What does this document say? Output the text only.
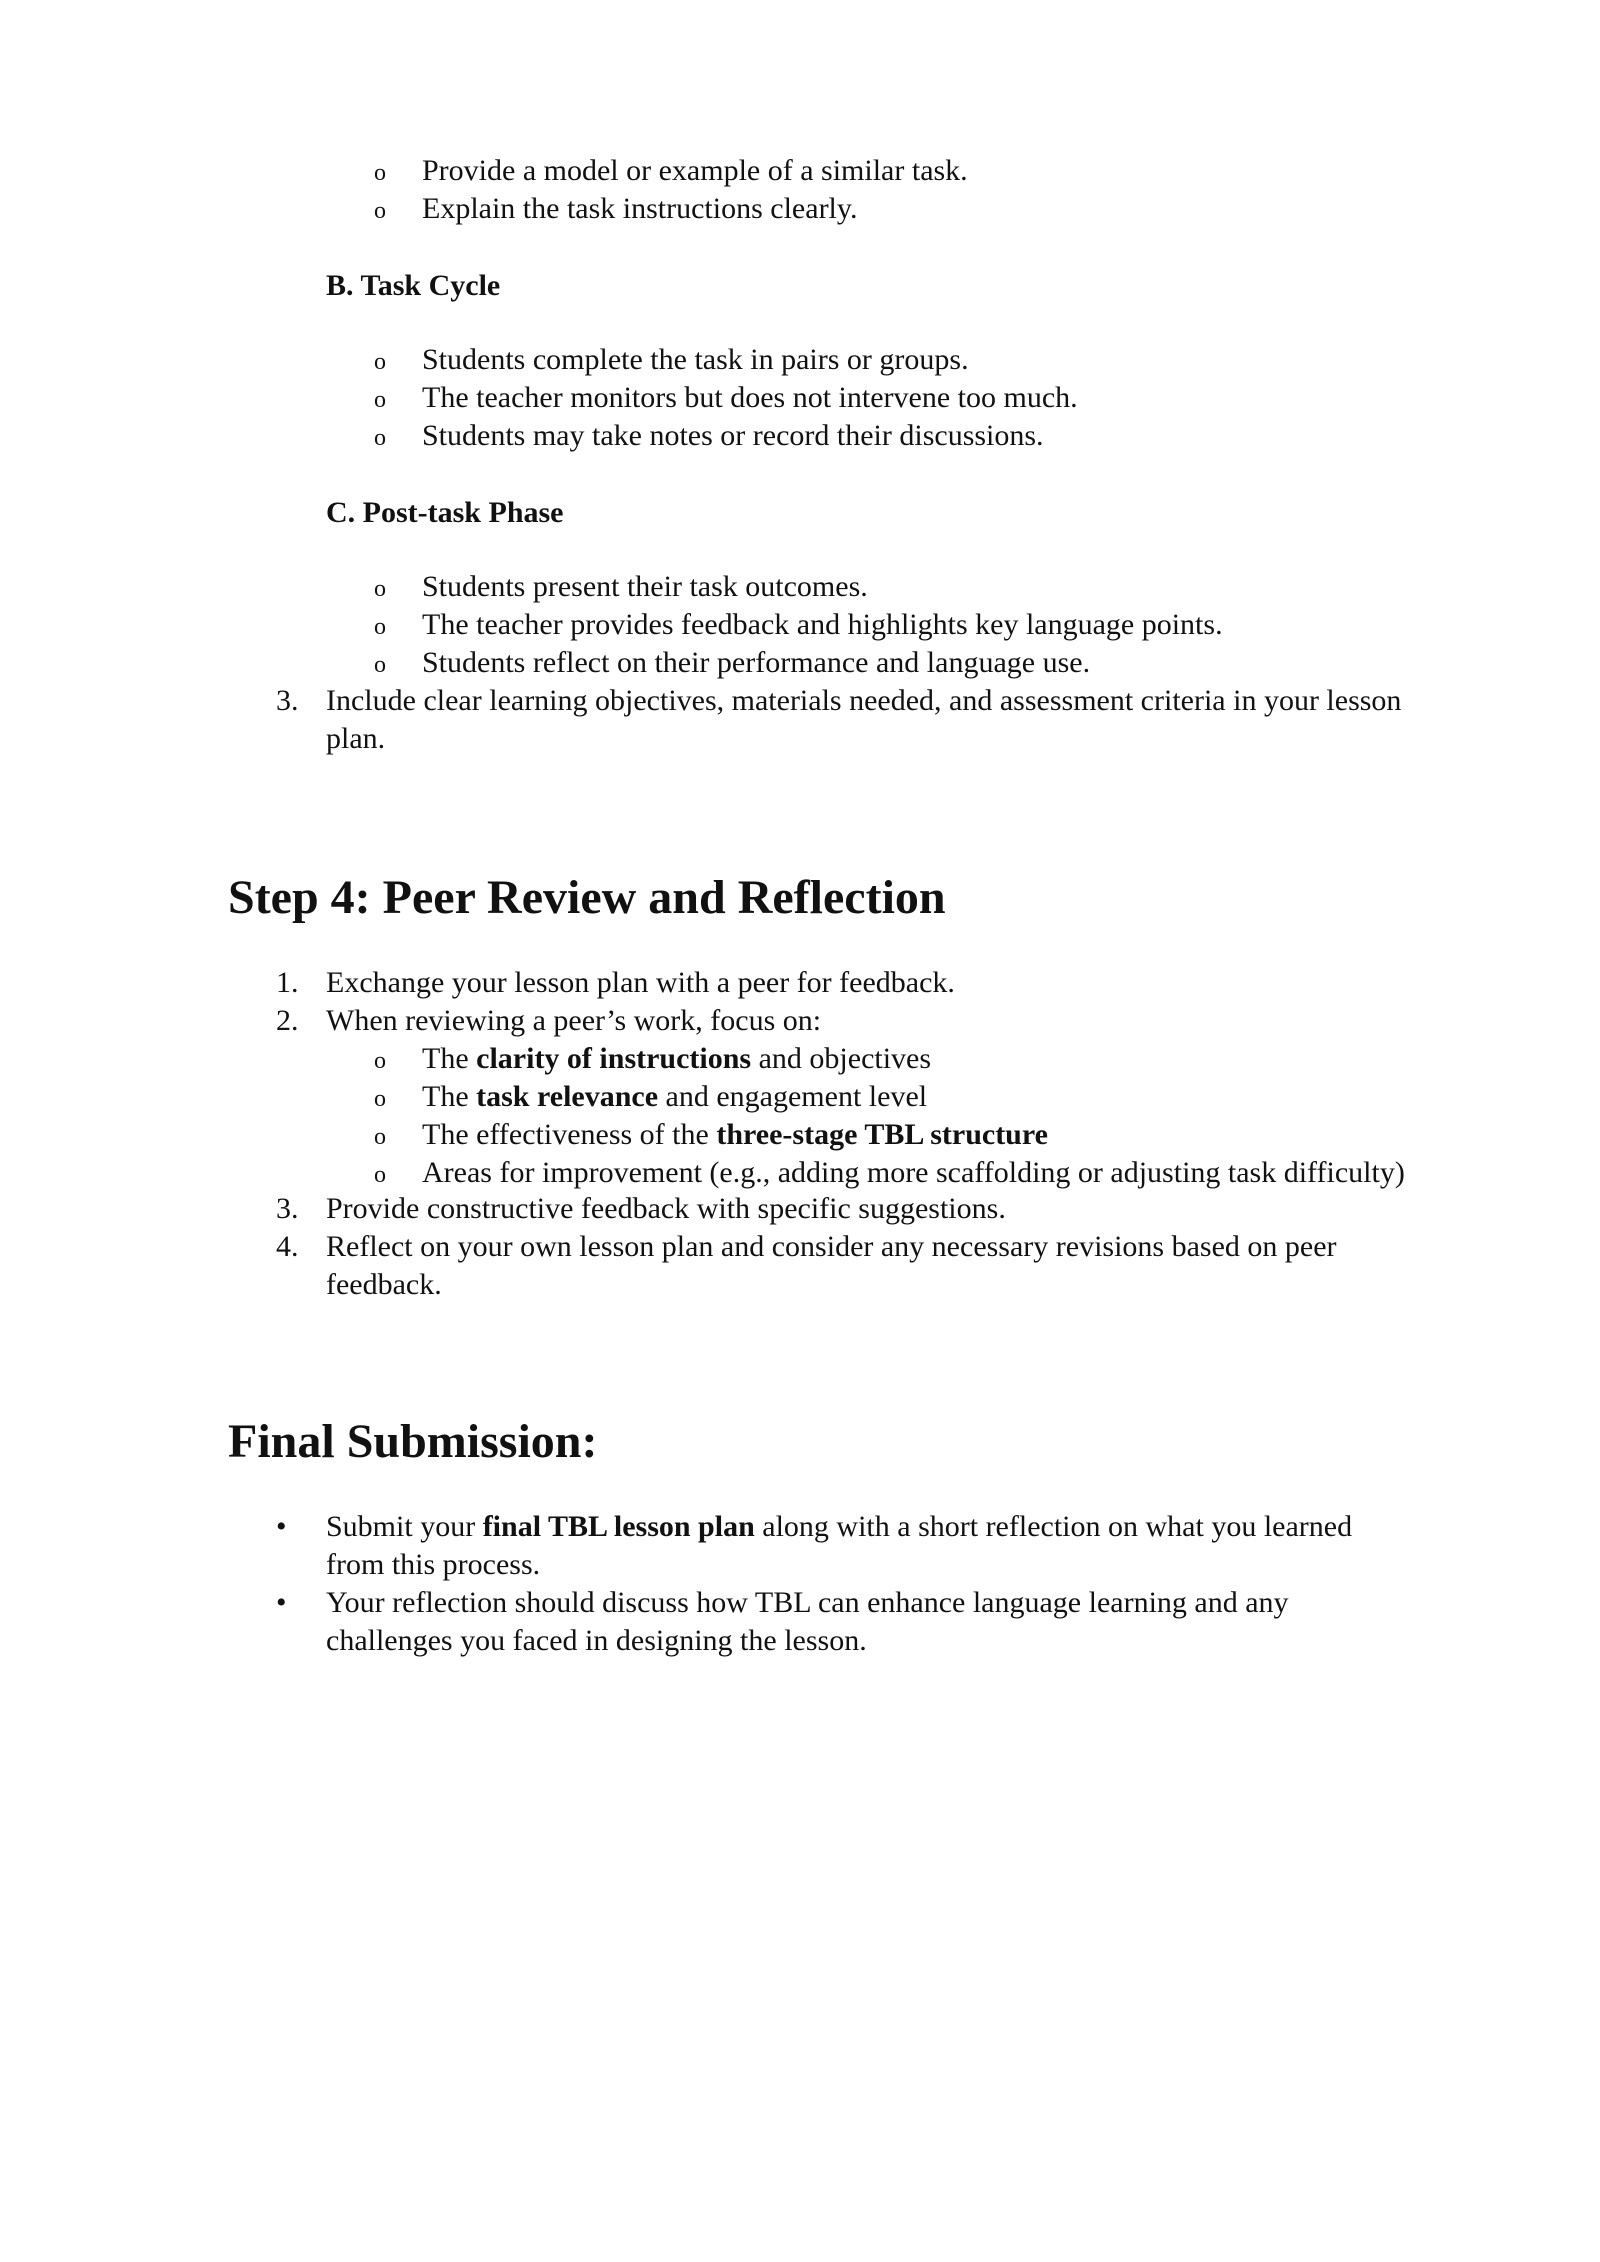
o Provide a model or example of a similar task.
o Explain the task instructions clearly.
B. Task Cycle
o Students complete the task in pairs or groups.
o The teacher monitors but does not intervene too much.
o Students may take notes or record their discussions.
C. Post-task Phase
o Students present their task outcomes.
o The teacher provides feedback and highlights key language points.
o Students reflect on their performance and language use.
3. Include clear learning objectives, materials needed, and assessment criteria in your lesson
plan.
Step 4: Peer Review and Reflection
1. Exchange your lesson plan with a peer for feedback.
2. When reviewing a peer’s work, focus on:
o The clarity of instructions and objectives
o The task relevance and engagement level
o The effectiveness of the three-stage TBL structure
o Areas for improvement (e.g., adding more scaffolding or adjusting task difficulty)
3. Provide constructive feedback with specific suggestions.
4. Reflect on your own lesson plan and consider any necessary revisions based on peer
feedback.
Final Submission:
• Submit your final TBL lesson plan along with a short reflection on what you learned
from this process.
• Your reflection should discuss how TBL can enhance language learning and any
challenges you faced in designing the lesson.
